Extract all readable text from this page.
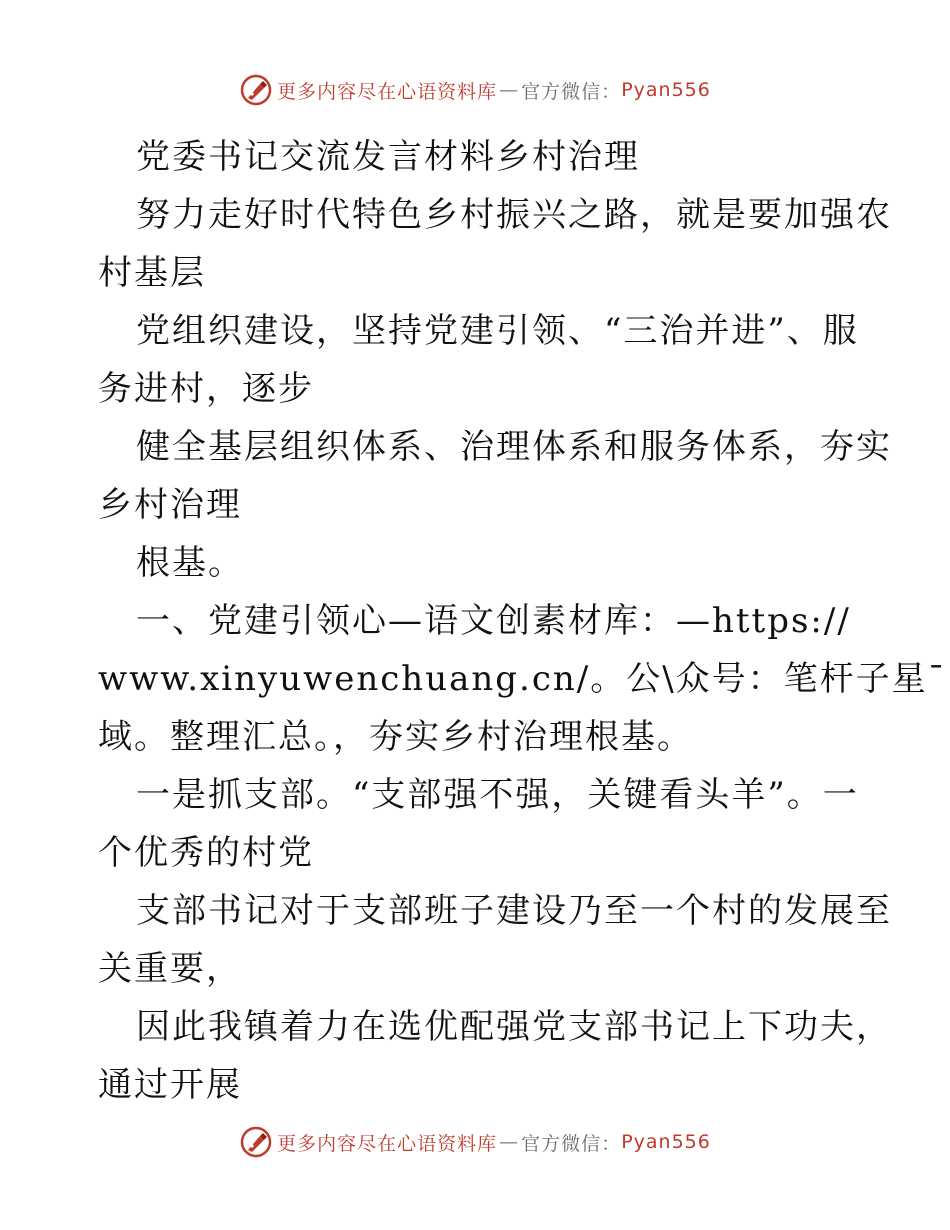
更多内容尽在心语资料库 — 官方微信： Pyan556
党委书记交流发言材料乡村治理
努力走好时代特色乡村振兴之路，就是要加强农
村基层
党组织建设，坚持党建引领、“三治并进”、服
务进村，逐步
健全基层组织体系、治理体系和服务体系，夯实
乡村治理
根基。
一、党建引领心—语文创素材库：—https://
www.xinyuwenchuang.cn/。公\众号：笔杆子星¯
域。整理汇总。，夯实乡村治理根基。
一是抓支部。“支部强不强，关键看头羊”。一
个优秀的村党
支部书记对于支部班子建设乃至一个村的发展至
关重要，
因此我镇着力在选优配强党支部书记上下功夫，
通过开展
更多内容尽在心语资料库 — 官方微信： Pyan556
